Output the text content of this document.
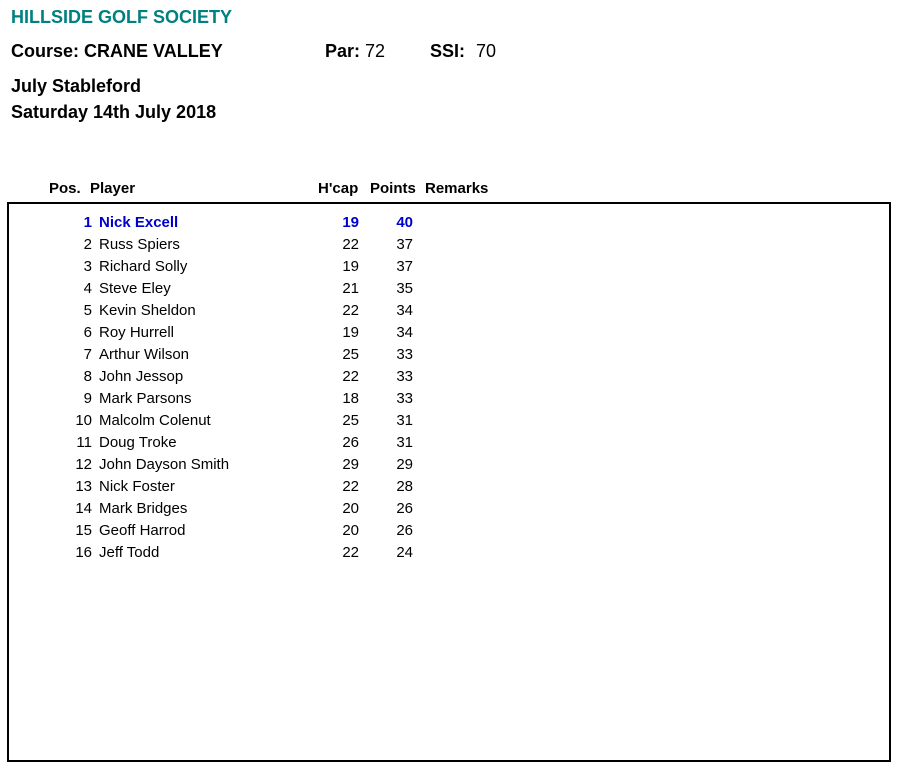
HILLSIDE GOLF SOCIETY
Course: CRANE VALLEY	Par: 72 SSI: 70
July Stableford
Saturday 14th July 2018
Pos. Player	H'cap Points Remarks
1 Nick Excell	19	40
2 Russ Spiers	22	37
3 Richard Solly	19	37
4 Steve Eley	21	35
5 Kevin Sheldon	22	34
6 Roy Hurrell	19	34
7 Arthur Wilson	25	33
8 John Jessop	22	33
9 Mark Parsons	18	33
10 Malcolm Colenut	25	31
11 Doug Troke	26	31
12 John Dayson Smith	29	29
13 Nick Foster	22	28
14 Mark Bridges	20	26
15 Geoff Harrod	20	26
16 Jeff Todd	22	24
